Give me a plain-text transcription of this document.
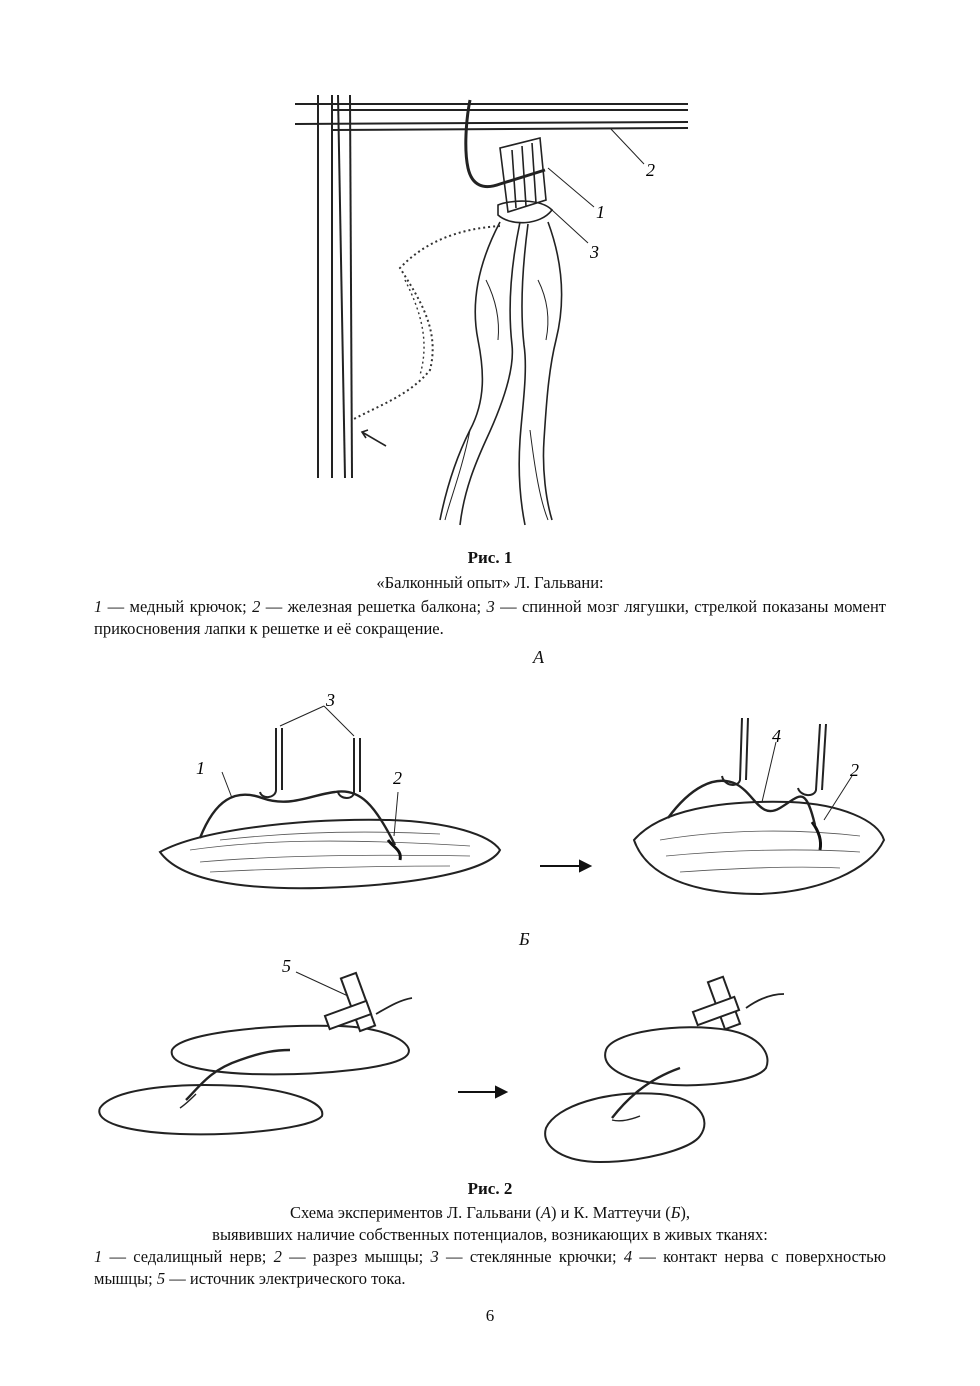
1
2
3
Рис. 1
«Балконный опыт» Л. Гальвани:
1 — медный крючок; 2 — железная решетка балкона; 3 — спинной мозг лягушки, стрелкой показаны момент прикосновения лапки к решетке и её сокращение.
А
1	2
3
4
2
Б
5
Рис. 2
Схема экспериментов Л. Гальвани (А) и К. Маттеучи (Б),
выявивших наличие собственных потенциалов, возникающих в живых тканях:
1 — седалищный нерв; 2 — разрез мышцы; 3 — стеклянные крючки; 4 — контакт нерва с поверхностью мышцы; 5 — источник электрического тока.
6
